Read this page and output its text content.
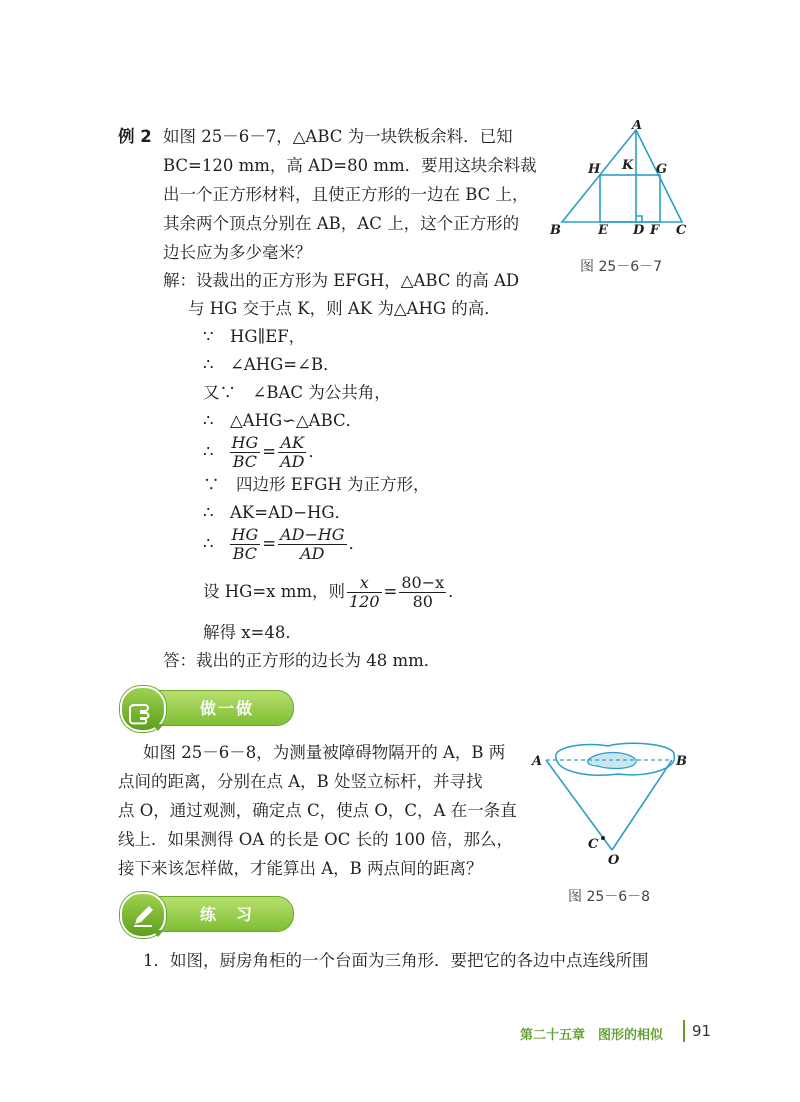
例 2 如图 25－6－7，△ABC 为一块铁板余料．已知
BC=120 mm，高 AD=80 mm．要用这块余料裁
出一个正方形材料，且使正方形的一边在 BC 上，
其余两个顶点分别在 AB，AC 上，这个正方形的
边长应为多少毫米？
A
B	C
H K G
E D F
图 25－6－7
解：设裁出的正方形为 EFGH，△ABC 的高 AD
与 HG 交于点 K，则 AK 为△AHG 的高．
∵　HG∥EF，
∴　∠AHG=∠B．
又∵　∠BAC 为公共角，
∴　△AHG∽△ABC．
∴ $\frac{HG}{BC} = \frac{AK}{AD}$ ．
∵　四边形 EFGH 为正方形，
∴　AK=AD−HG．
∴ $\frac{HG}{BC} = \frac{AD-HG}{AD}$ ．
设 HG=x mm，则 $\frac{x}{120} = \frac{80-x}{80}$ ．
解得 x=48．
答：裁出的正方形的边长为 48 mm．
做一做
如图 25－6－8，为测量被障碍物隔开的 A，B 两
点间的距离，分别在点 A，B 处竖立标杆，并寻找
点 O，通过观测，确定点 C，使点 O，C，A 在一条直
线上．如果测得 OA 的长是 OC 长的 100 倍，那么，
接下来该怎样做，才能算出 A，B 两点间的距离？
A	B
C
O
图 25－6－8
练　习
1．如图，厨房角柜的一个台面为三角形．要把它的各边中点连线所围
第二十五章　图形的相似 91
